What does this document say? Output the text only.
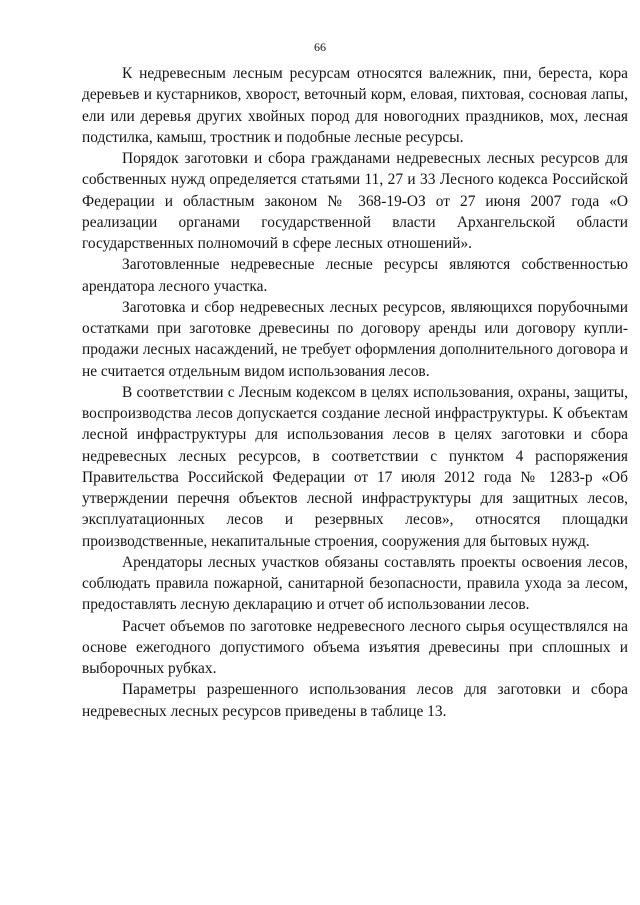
66

К недревесным лесным ресурсам относятся валежник, пни, береста, кора деревьев и кустарников, хворост, веточный корм, еловая, пихтовая, сосновая лапы, ели или деревья других хвойных пород для новогодних праздников, мох, лесная подстилка, камыш, тростник и подобные лесные ресурсы.

Порядок заготовки и сбора гражданами недревесных лесных ресурсов для собственных нужд определяется статьями 11, 27 и 33 Лесного кодекса Российской Федерации и областным законом № 368-19-ОЗ от 27 июня 2007 года «О реализации органами государственной власти Архангельской области государственных полномочий в сфере лесных отношений».

Заготовленные недревесные лесные ресурсы являются собственностью арендатора лесного участка.

Заготовка и сбор недревесных лесных ресурсов, являющихся порубочными остатками при заготовке древесины по договору аренды или договору купли-продажи лесных насаждений, не требует оформления дополнительного договора и не считается отдельным видом использования лесов.

В соответствии с Лесным кодексом в целях использования, охраны, защиты, воспроизводства лесов допускается создание лесной инфраструктуры. К объектам лесной инфраструктуры для использования лесов в целях заготовки и сбора недревесных лесных ресурсов, в соответствии с пунктом 4 распоряжения Правительства Российской Федерации от 17 июля 2012 года № 1283-р «Об утверждении перечня объектов лесной инфраструктуры для защитных лесов, эксплуатационных лесов и резервных лесов», относятся площадки производственные, некапитальные строения, сооружения для бытовых нужд.

Арендаторы лесных участков обязаны составлять проекты освоения лесов, соблюдать правила пожарной, санитарной безопасности, правила ухода за лесом, предоставлять лесную декларацию и отчет об использовании лесов.

Расчет объемов по заготовке недревесного лесного сырья осуществлялся на основе ежегодного допустимого объема изъятия древесины при сплошных и выборочных рубках.

Параметры разрешенного использования лесов для заготовки и сбора недревесных лесных ресурсов приведены в таблице 13.
